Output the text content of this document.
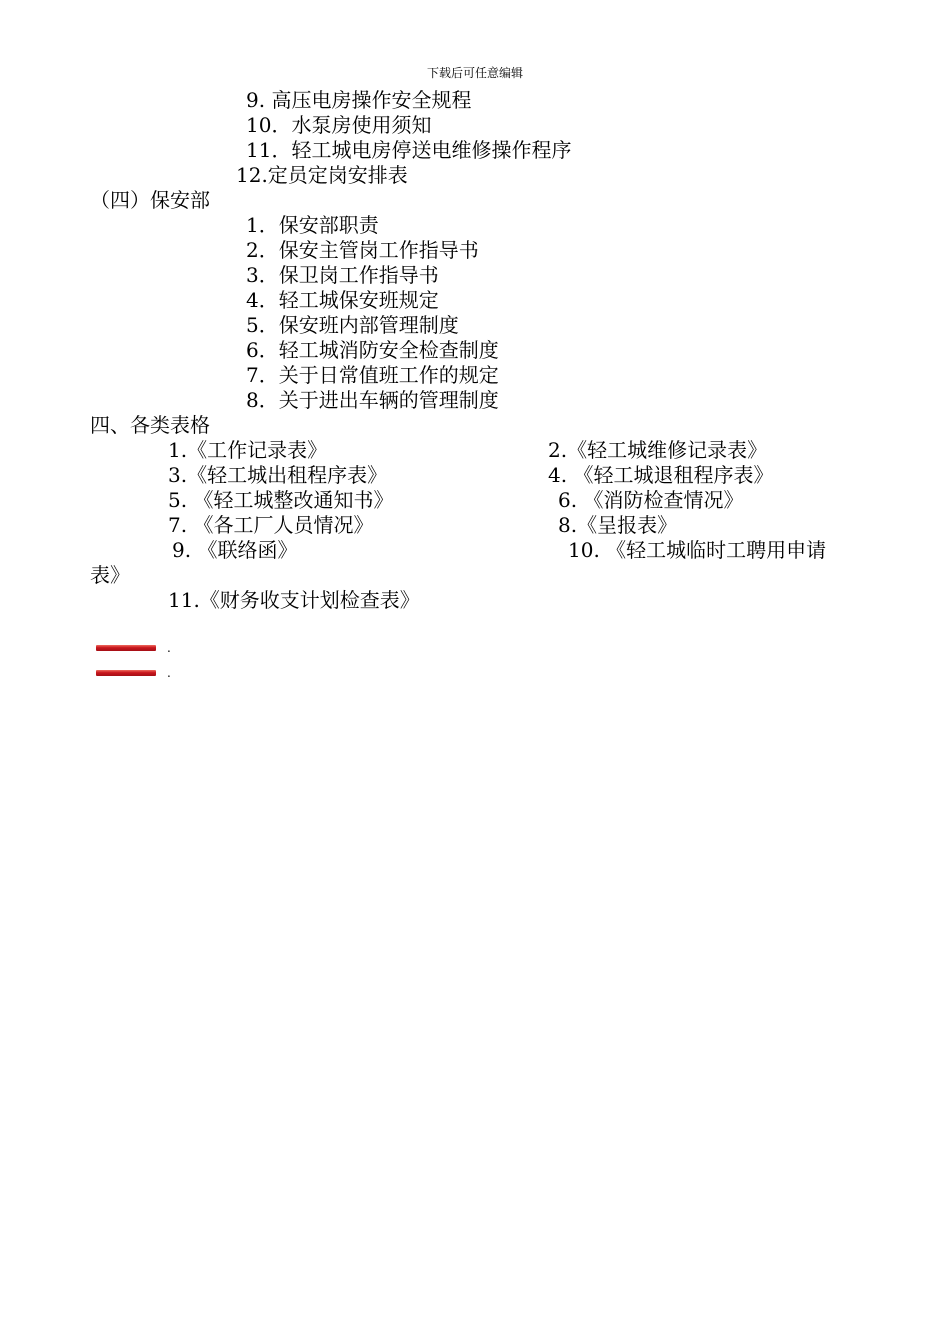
下载后可任意编辑
9. 高压电房操作安全规程
10．水泵房使用须知
11．轻工城电房停送电维修操作程序
12.定员定岗安排表
（四）保安部
1．保安部职责
2．保安主管岗工作指导书
3．保卫岗工作指导书
4．轻工城保安班规定
5．保安班内部管理制度
6．轻工城消防安全检查制度
7．关于日常值班工作的规定
8．关于进出车辆的管理制度
四、各类表格
1.《工作记录表》	2.《轻工城维修记录表》
3.《轻工城出租程序表》	4. 《轻工城退租程序表》
5. 《轻工城整改通知书》	6. 《消防检查情况》
7. 《各工厂人员情况》	8.《呈报表》
9. 《联络函》	10. 《轻工城临时工聘用申请
表》
11.《财务收支计划检查表》
.
.
